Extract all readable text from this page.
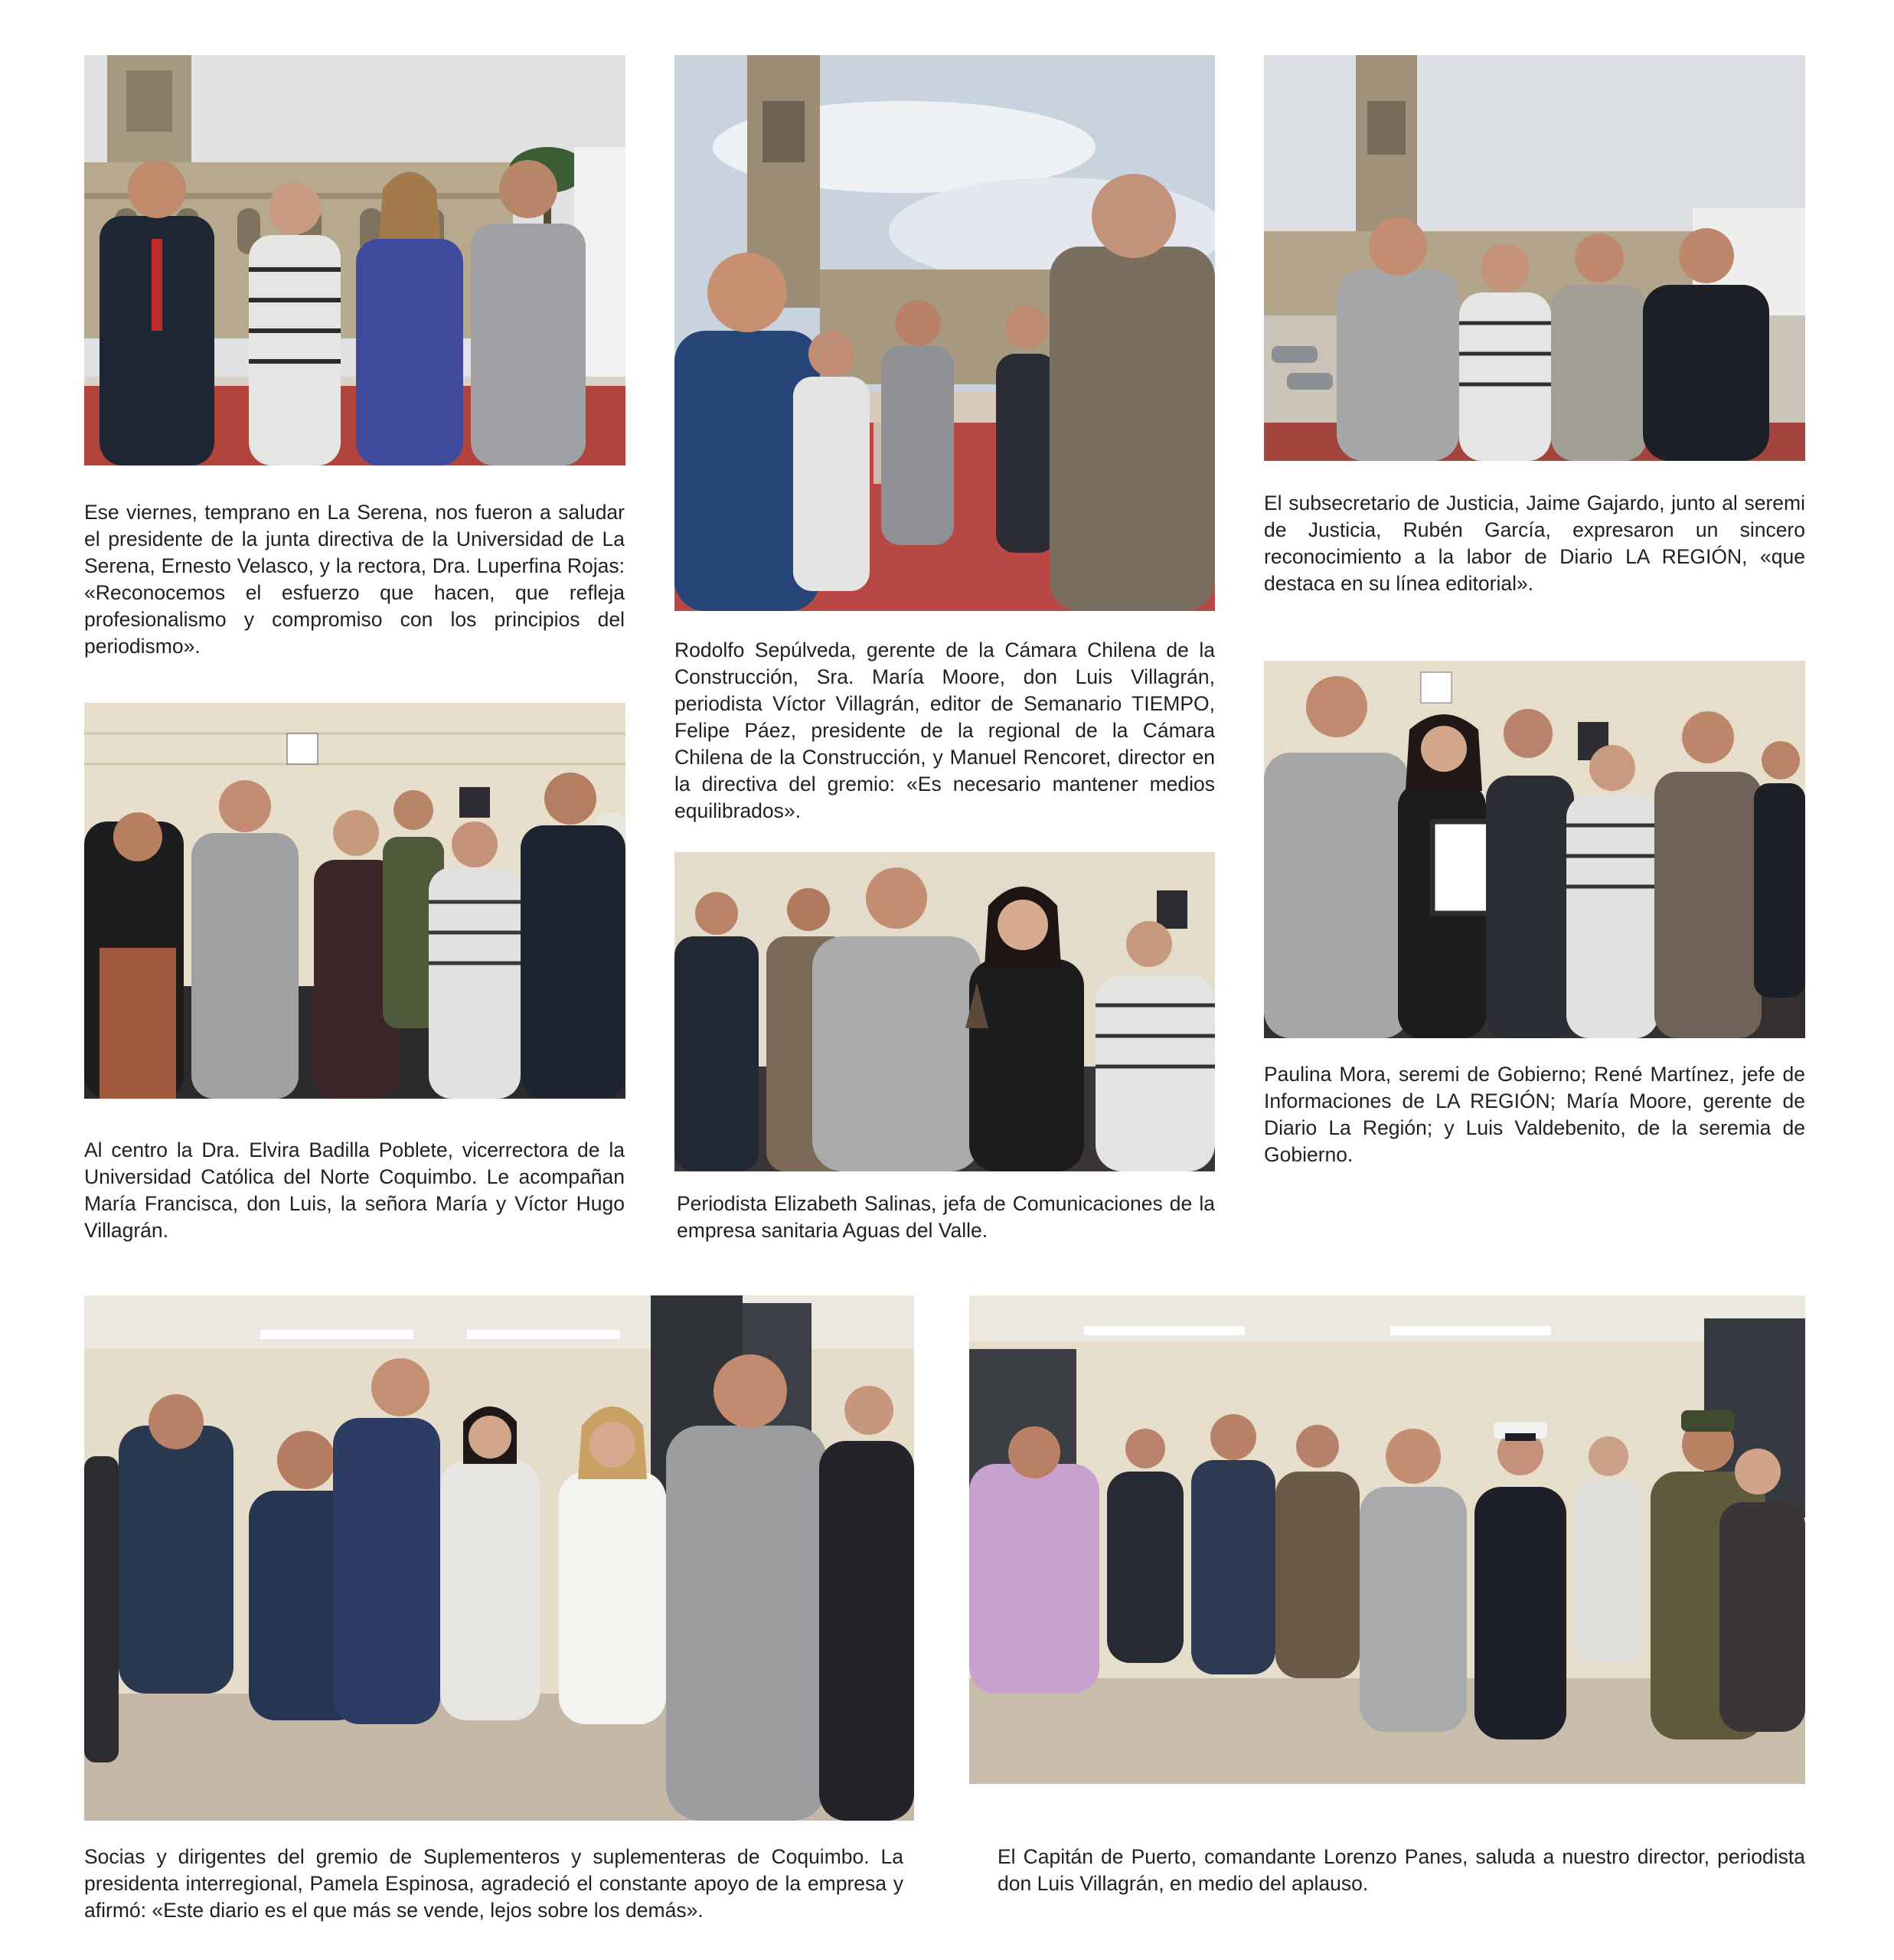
Ese viernes, temprano en La Serena, nos fueron a saludar el presidente de la junta directiva de la Universidad de La Serena, Ernesto Velasco, y la rectora, Dra. Luperfina Rojas: «Reconocemos el esfuerzo que hacen, que refleja profesionalismo y compromiso con los principios del periodismo».	Rodolfo Sepúlveda, gerente de la Cámara Chilena de la Construcción, Sra. María Moore, don Luis Villagrán, periodista Víctor Villagrán, editor de Semanario TIEMPO, Felipe Páez, presidente de la regional de la Cámara Chilena de la Construcción, y Manuel Rencoret, director en la directiva del gremio: «Es necesario mantener medios equilibrados».

El subsecretario de Justicia, Jaime Gajardo, junto al seremi de Justicia, Rubén García, expresaron un sincero reconocimiento a la labor de Diario LA REGIÓN, «que destaca en su línea editorial».

Al centro la Dra. Elvira Badilla Poblete, vicerrectora de la Universidad Católica del Norte Coquimbo. Le acompañan María Francisca, don Luis, la señora María y Víctor Hugo Villagrán.

Periodista Elizabeth Salinas, jefa de Comunicaciones de la empresa sanitaria Aguas del Valle.

Paulina Mora, seremi de Gobierno; René Martínez, jefe de Informaciones de LA REGIÓN; María Moore, gerente de Diario La Región; y Luis Valdebenito, de la seremia de Gobierno.

Socias y dirigentes del gremio de Suplementeros y suplementeras de Coquimbo. La presidenta interregional, Pamela Espinosa, agradeció el constante apoyo de la empresa y afirmó: «Este diario es el que más se vende, lejos sobre los demás».

El Capitán de Puerto, comandante Lorenzo Panes, saluda a nuestro director, periodista don Luis Villagrán, en medio del aplauso.
